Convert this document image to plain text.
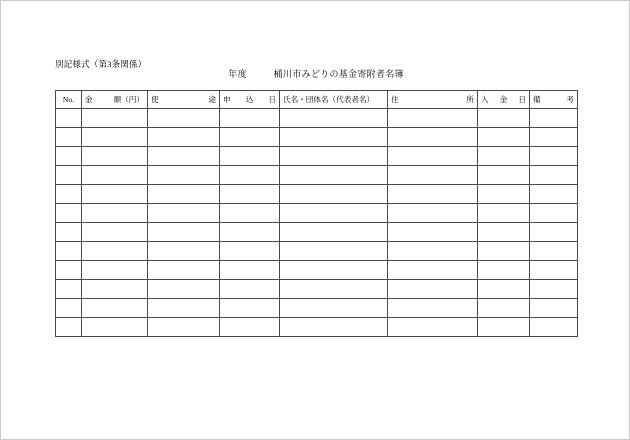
別記様式（第3条関係）
年度	桶川市みどりの基金寄附者名簿
No.	金 額（円）	使 途	申 込 日	氏名・団体名（代表者名）	住 所	入 金 日	備 考
